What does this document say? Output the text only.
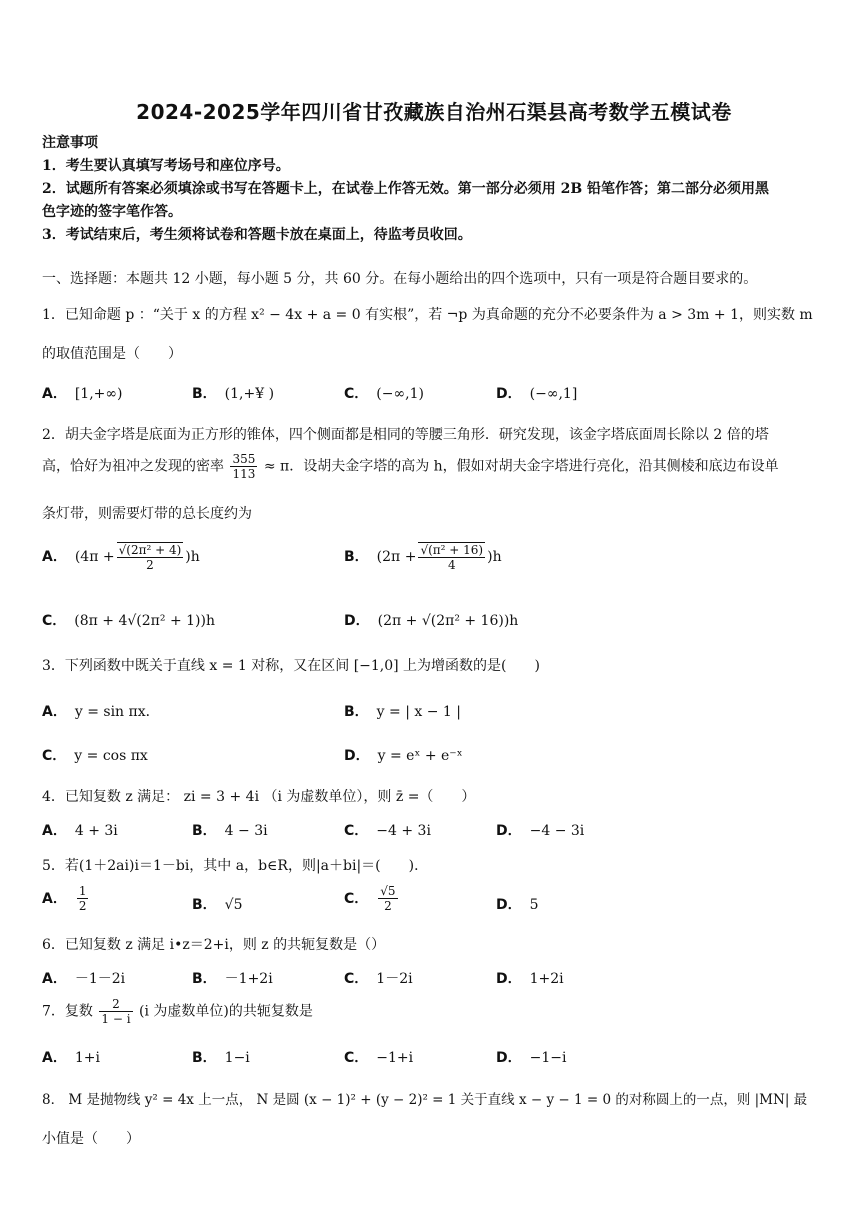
2024-2025学年四川省甘孜藏族自治州石渠县高考数学五模试卷
注意事项
1．考生要认真填写考场号和座位序号。
2．试题所有答案必须填涂或书写在答题卡上，在试卷上作答无效。第一部分必须用 2B 铅笔作答；第二部分必须用黑
色字迹的签字笔作答。
3．考试结束后，考生须将试卷和答题卡放在桌面上，待监考员收回。
一、选择题：本题共 12 小题，每小题 5 分，共 60 分。在每小题给出的四个选项中，只有一项是符合题目要求的。
1．已知命题 p ：“关于 x 的方程 x² − 4x + a = 0 有实根”，若 ¬p 为真命题的充分不必要条件为 a > 3m + 1，则实数 m
的取值范围是（　　）
A． [1,+∞)	B． (1,+¥ )	C． (−∞,1)	D． (−∞,1]
2．胡夫金字塔是底面为正方形的锥体，四个侧面都是相同的等腰三角形．研究发现，该金字塔底面周长除以 2 倍的塔
高，恰好为祖冲之发现的密率 $\frac{355}{113} \approx \pi$．设胡夫金字塔的高为 h，假如对胡夫金字塔进行亮化，沿其侧棱和底边布设单
条灯带，则需要灯带的总长度约为
A． $(4\pi + \frac{\text{√(2π² + 4)}}{2} )h$	B． $(2\pi + \frac{\text{√(π² + 16)}}{4} )h$
C． (8π + 4√(2π² + 1))h	D． (2π + √(2π² + 16))h
3．下列函数中既关于直线 x = 1 对称，又在区间 [−1,0] 上为增函数的是(　　)
A． y = sin πx．	B． y = | x − 1 |
C． y = cos πx	D． y = eˣ + e⁻ˣ
4．已知复数 z 满足： zi = 3 + 4i （i 为虚数单位），则 z̄ =（　　）
A． 4 + 3i	B． 4 − 3i	C． −4 + 3i	D． −4 − 3i
5．若(1＋2ai)i＝1－bi，其中 a，b∈R，则|a＋bi|＝(　　)．
A． $\frac{1}{2}$	B． √5	C． $\frac{√5}{2}$	D． 5
6．已知复数 z 满足 i•z＝2+i，则 z 的共轭复数是（）
A． －1－2i	B． －1+2i	C． 1－2i	D． 1+2i
7．复数 $\frac{2}{1 - i} (i$ 为虚数单位)的共轭复数是
A． 1+i	B． 1−i	C． −1+i	D． −1−i
8． M 是抛物线 y² = 4x 上一点， N 是圆 (x − 1)² + (y − 2)² = 1 关于直线 x − y − 1 = 0 的对称圆上的一点，则 |MN| 最
小值是（　　）
